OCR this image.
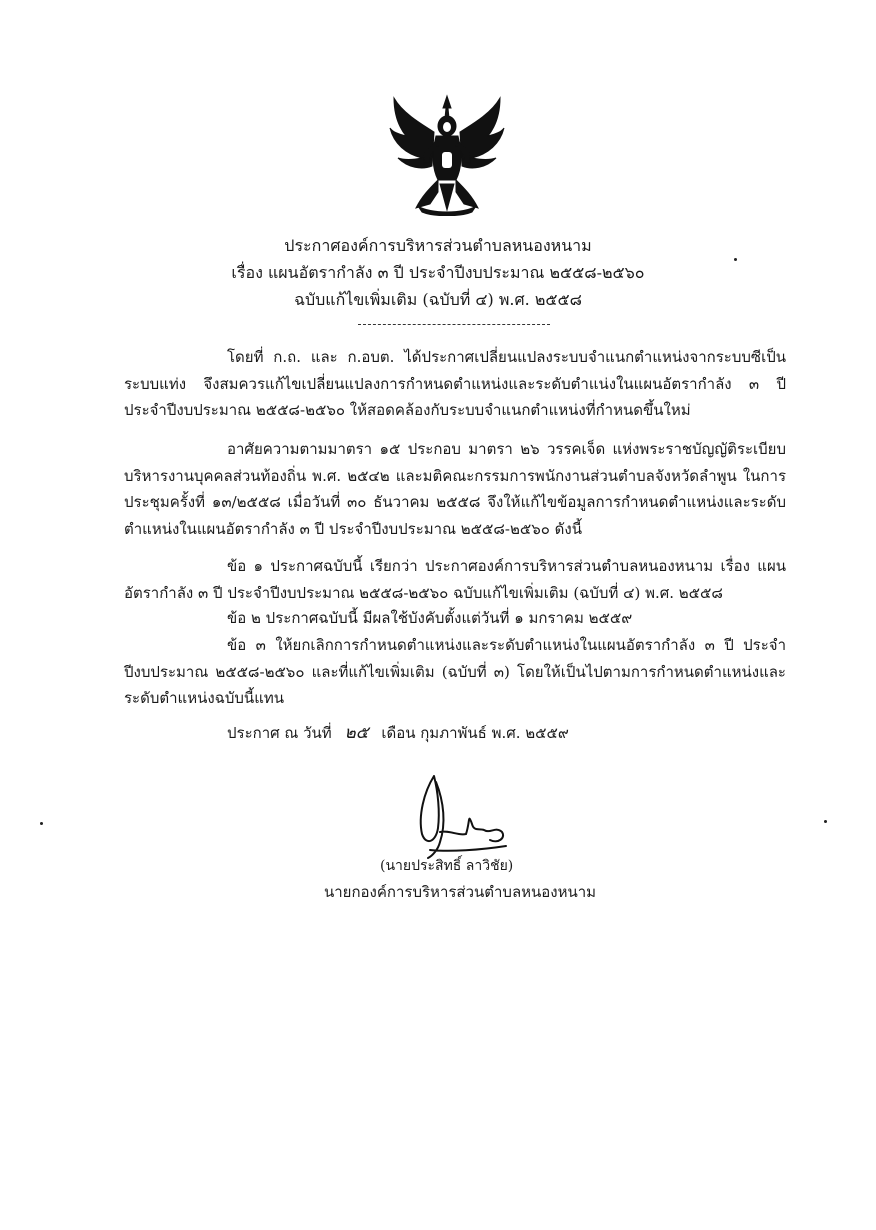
ประกาศองค์การบริหารส่วนตำบลหนองหนาม
เรื่อง แผนอัตรากำลัง ๓ ปี ประจำปีงบประมาณ ๒๕๕๘-๒๕๖๐
ฉบับแก้ไขเพิ่มเติม (ฉบับที่ ๔) พ.ศ. ๒๕๕๘
โดยที่ ก.ถ. และ ก.อบต. ได้ประกาศเปลี่ยนแปลงระบบจำแนกตำแหน่งจากระบบซีเป็นระบบแท่ง จึงสมควรแก้ไขเปลี่ยนแปลงการกำหนดตำแหน่งและระดับตำแน่งในแผนอัตรากำลัง ๓ ปี ประจำปีงบประมาณ ๒๕๕๘-๒๕๖๐ ให้สอดคล้องกับระบบจำแนกตำแหน่งที่กำหนดขึ้นใหม่
อาศัยความตามมาตรา ๑๕ ประกอบ มาตรา ๒๖ วรรคเจ็ด แห่งพระราชบัญญัติระเบียบบริหารงานบุคคลส่วนท้องถิ่น พ.ศ. ๒๕๔๒ และมติคณะกรรมการพนักงานส่วนตำบลจังหวัดลำพูน ในการประชุมครั้งที่ ๑๓/๒๕๕๘ เมื่อวันที่ ๓๐ ธันวาคม ๒๕๕๘ จึงให้แก้ไขข้อมูลการกำหนดตำแหน่งและระดับตำแหน่งในแผนอัตรากำลัง ๓ ปี ประจำปีงบประมาณ ๒๕๕๘-๒๕๖๐ ดังนี้
ข้อ ๑ ประกาศฉบับนี้ เรียกว่า ประกาศองค์การบริหารส่วนตำบลหนองหนาม เรื่อง แผนอัตรากำลัง ๓ ปี ประจำปีงบประมาณ ๒๕๕๘-๒๕๖๐ ฉบับแก้ไขเพิ่มเติม (ฉบับที่ ๔) พ.ศ. ๒๕๕๘
ข้อ ๒ ประกาศฉบับนี้ มีผลใช้บังคับตั้งแต่วันที่ ๑ มกราคม ๒๕๕๙
ข้อ ๓ ให้ยกเลิกการกำหนดตำแหน่งและระดับตำแหน่งในแผนอัตรากำลัง ๓ ปี ประจำปีงบประมาณ ๒๕๕๘-๒๕๖๐ และที่แก้ไขเพิ่มเติม (ฉบับที่ ๓) โดยให้เป็นไปตามการกำหนดตำแหน่งและระดับตำแหน่งฉบับนี้แทน
ประกาศ ณ วันที่ ๒๕ เดือน กุมภาพันธ์ พ.ศ. ๒๕๕๙
(นายประสิทธิ์ ลาวิชัย)
นายกองค์การบริหารส่วนตำบลหนองหนาม
